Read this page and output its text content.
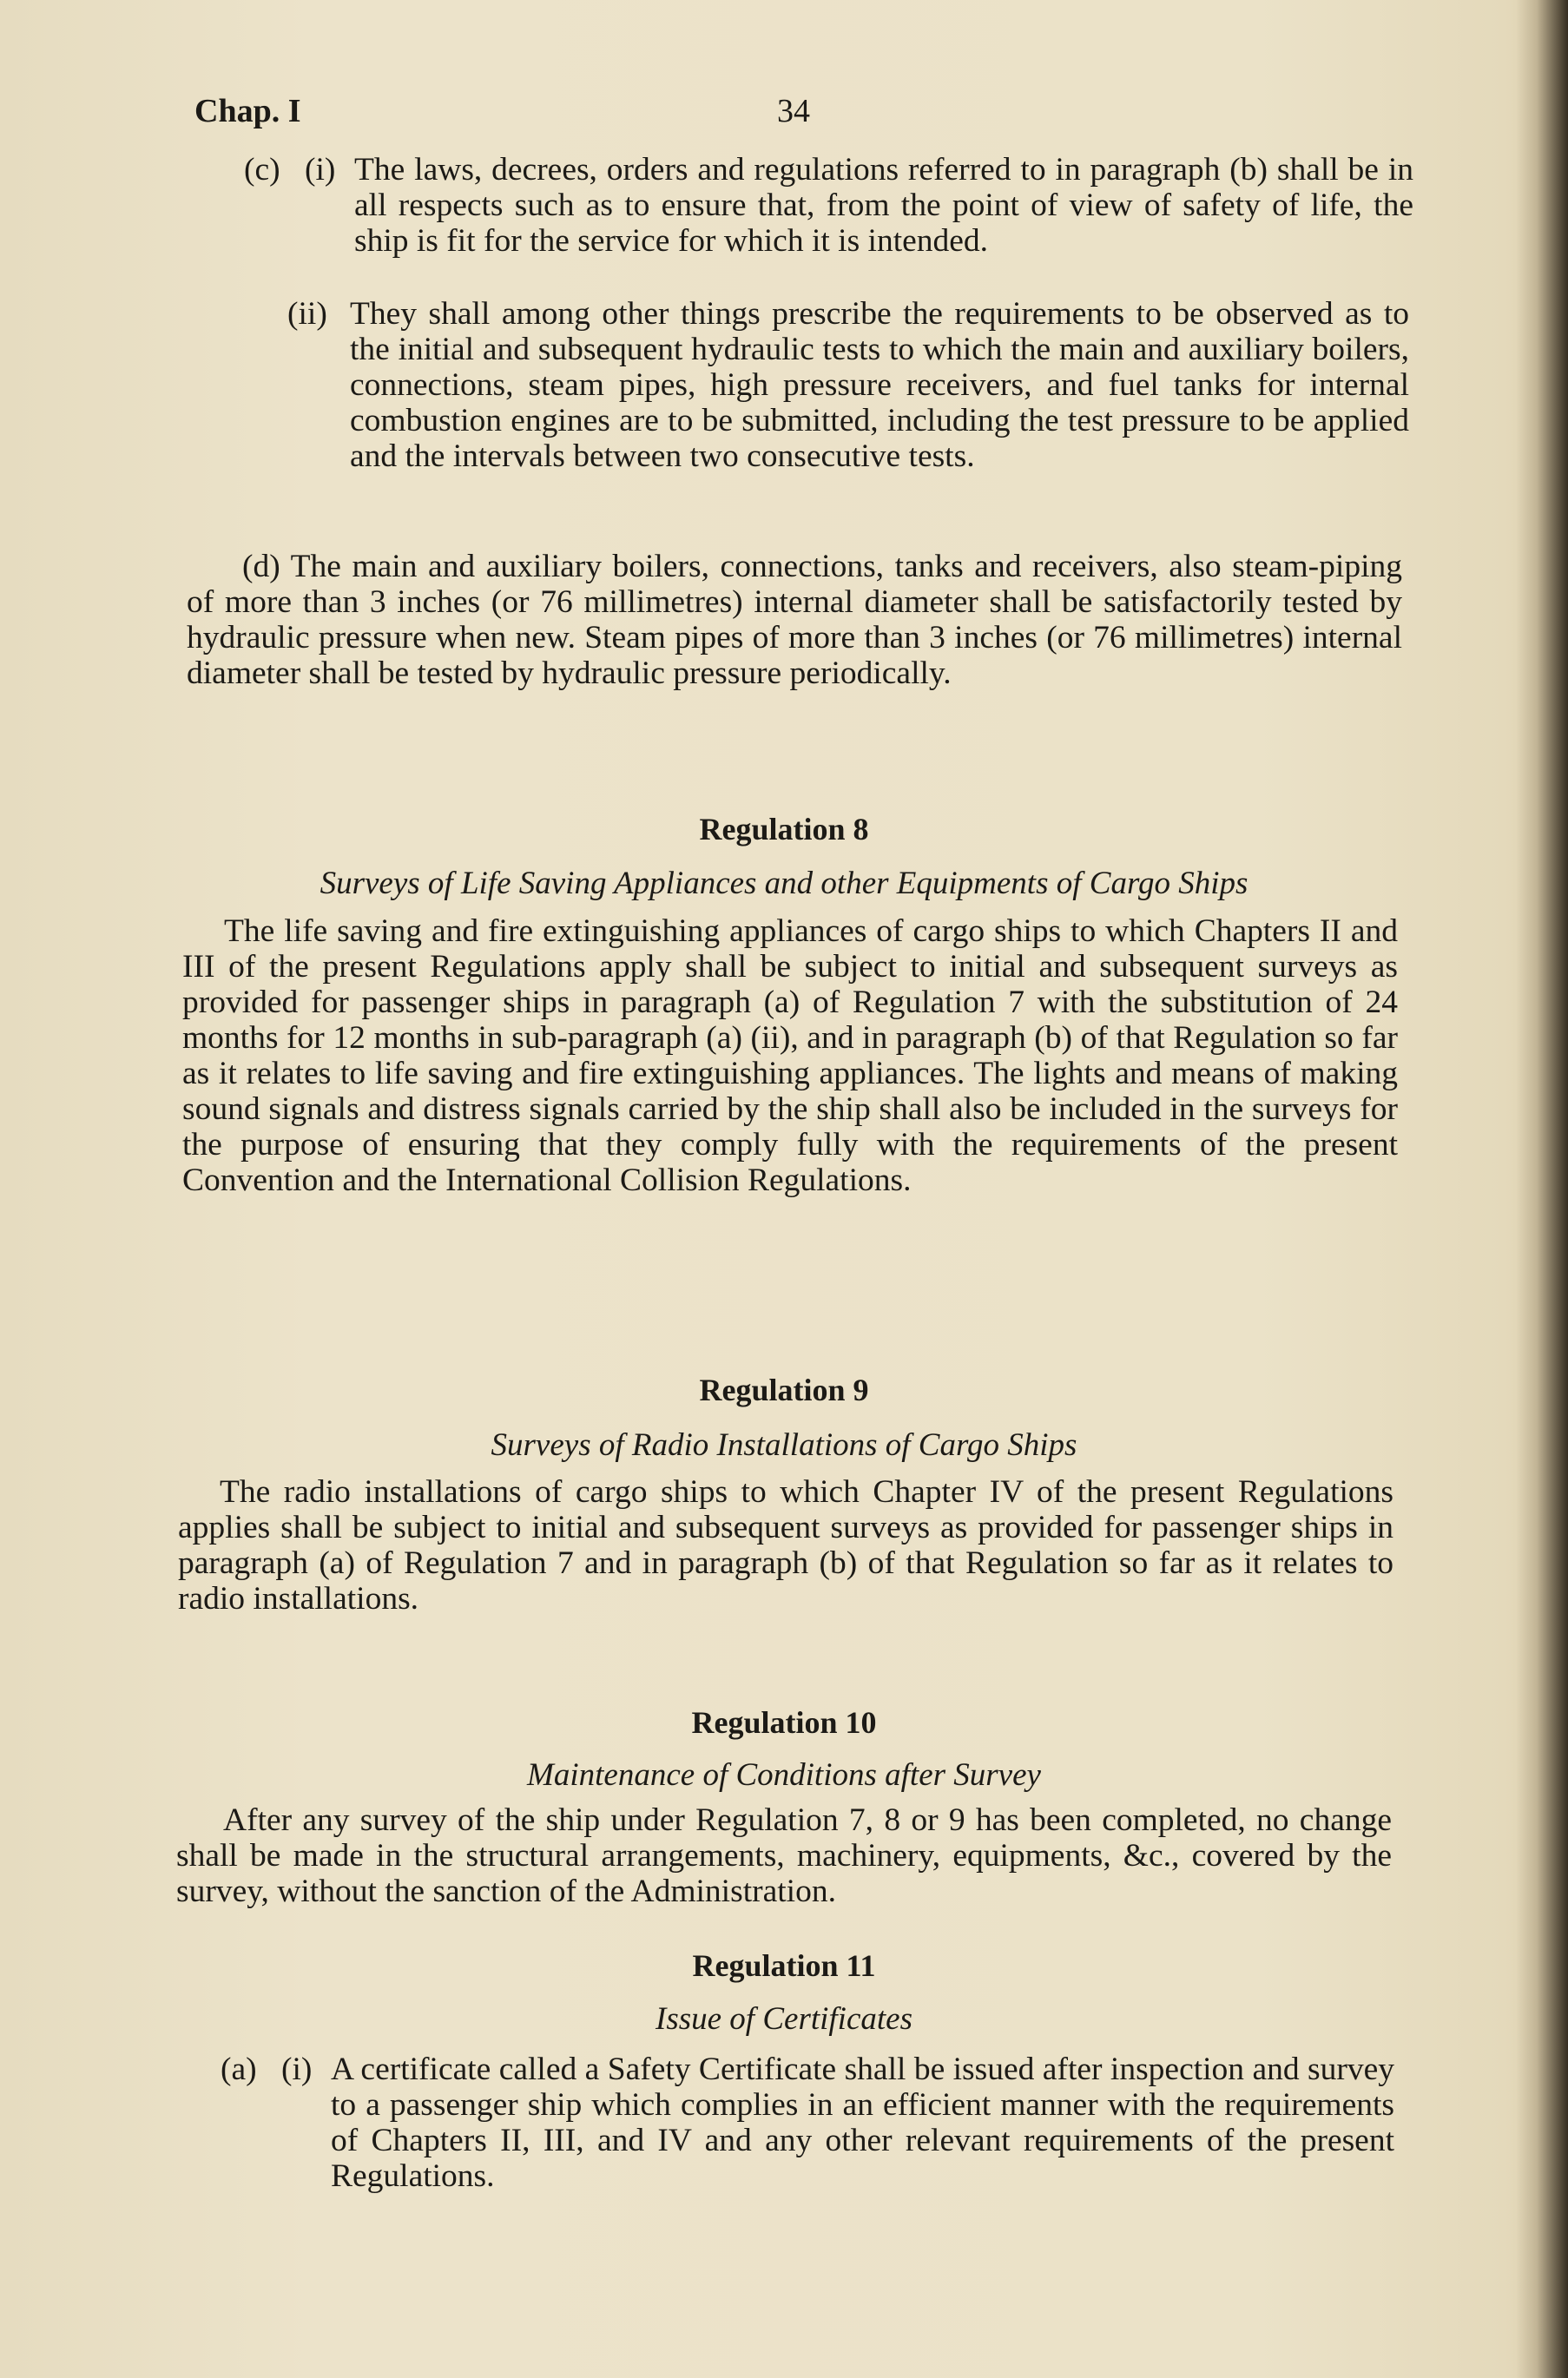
Chap. I	34
(c) (i) The laws, decrees, orders and regulations referred to in paragraph (b) shall be in all respects such as to ensure that, from the point of view of safety of life, the ship is fit for the service for which it is intended.
(ii) They shall among other things prescribe the requirements to be observed as to the initial and subsequent hydraulic tests to which the main and auxiliary boilers, connections, steam pipes, high pressure receivers, and fuel tanks for internal combustion engines are to be submitted, including the test pressure to be applied and the intervals between two consecutive tests.
(d) The main and auxiliary boilers, connections, tanks and receivers, also steam-piping of more than 3 inches (or 76 millimetres) internal diameter shall be satisfactorily tested by hydraulic pressure when new. Steam pipes of more than 3 inches (or 76 millimetres) internal diameter shall be tested by hydraulic pressure periodically.
Regulation 8
Surveys of Life Saving Appliances and other Equipments of Cargo Ships
The life saving and fire extinguishing appliances of cargo ships to which Chapters II and III of the present Regulations apply shall be subject to initial and subsequent surveys as provided for passenger ships in paragraph (a) of Regulation 7 with the substitution of 24 months for 12 months in sub-paragraph (a) (ii), and in paragraph (b) of that Regulation so far as it relates to life saving and fire extinguishing appliances. The lights and means of making sound signals and distress signals carried by the ship shall also be included in the surveys for the purpose of ensuring that they comply fully with the requirements of the present Convention and the International Collision Regulations.
Regulation 9
Surveys of Radio Installations of Cargo Ships
The radio installations of cargo ships to which Chapter IV of the present Regulations applies shall be subject to initial and subsequent surveys as provided for passenger ships in paragraph (a) of Regulation 7 and in paragraph (b) of that Regulation so far as it relates to radio installations.
Regulation 10
Maintenance of Conditions after Survey
After any survey of the ship under Regulation 7, 8 or 9 has been completed, no change shall be made in the structural arrangements, machinery, equipments, &c., covered by the survey, without the sanction of the Administration.
Regulation 11
Issue of Certificates
(a) (i) A certificate called a Safety Certificate shall be issued after inspection and survey to a passenger ship which complies in an efficient manner with the requirements of Chapters II, III, and IV and any other relevant requirements of the present Regulations.
